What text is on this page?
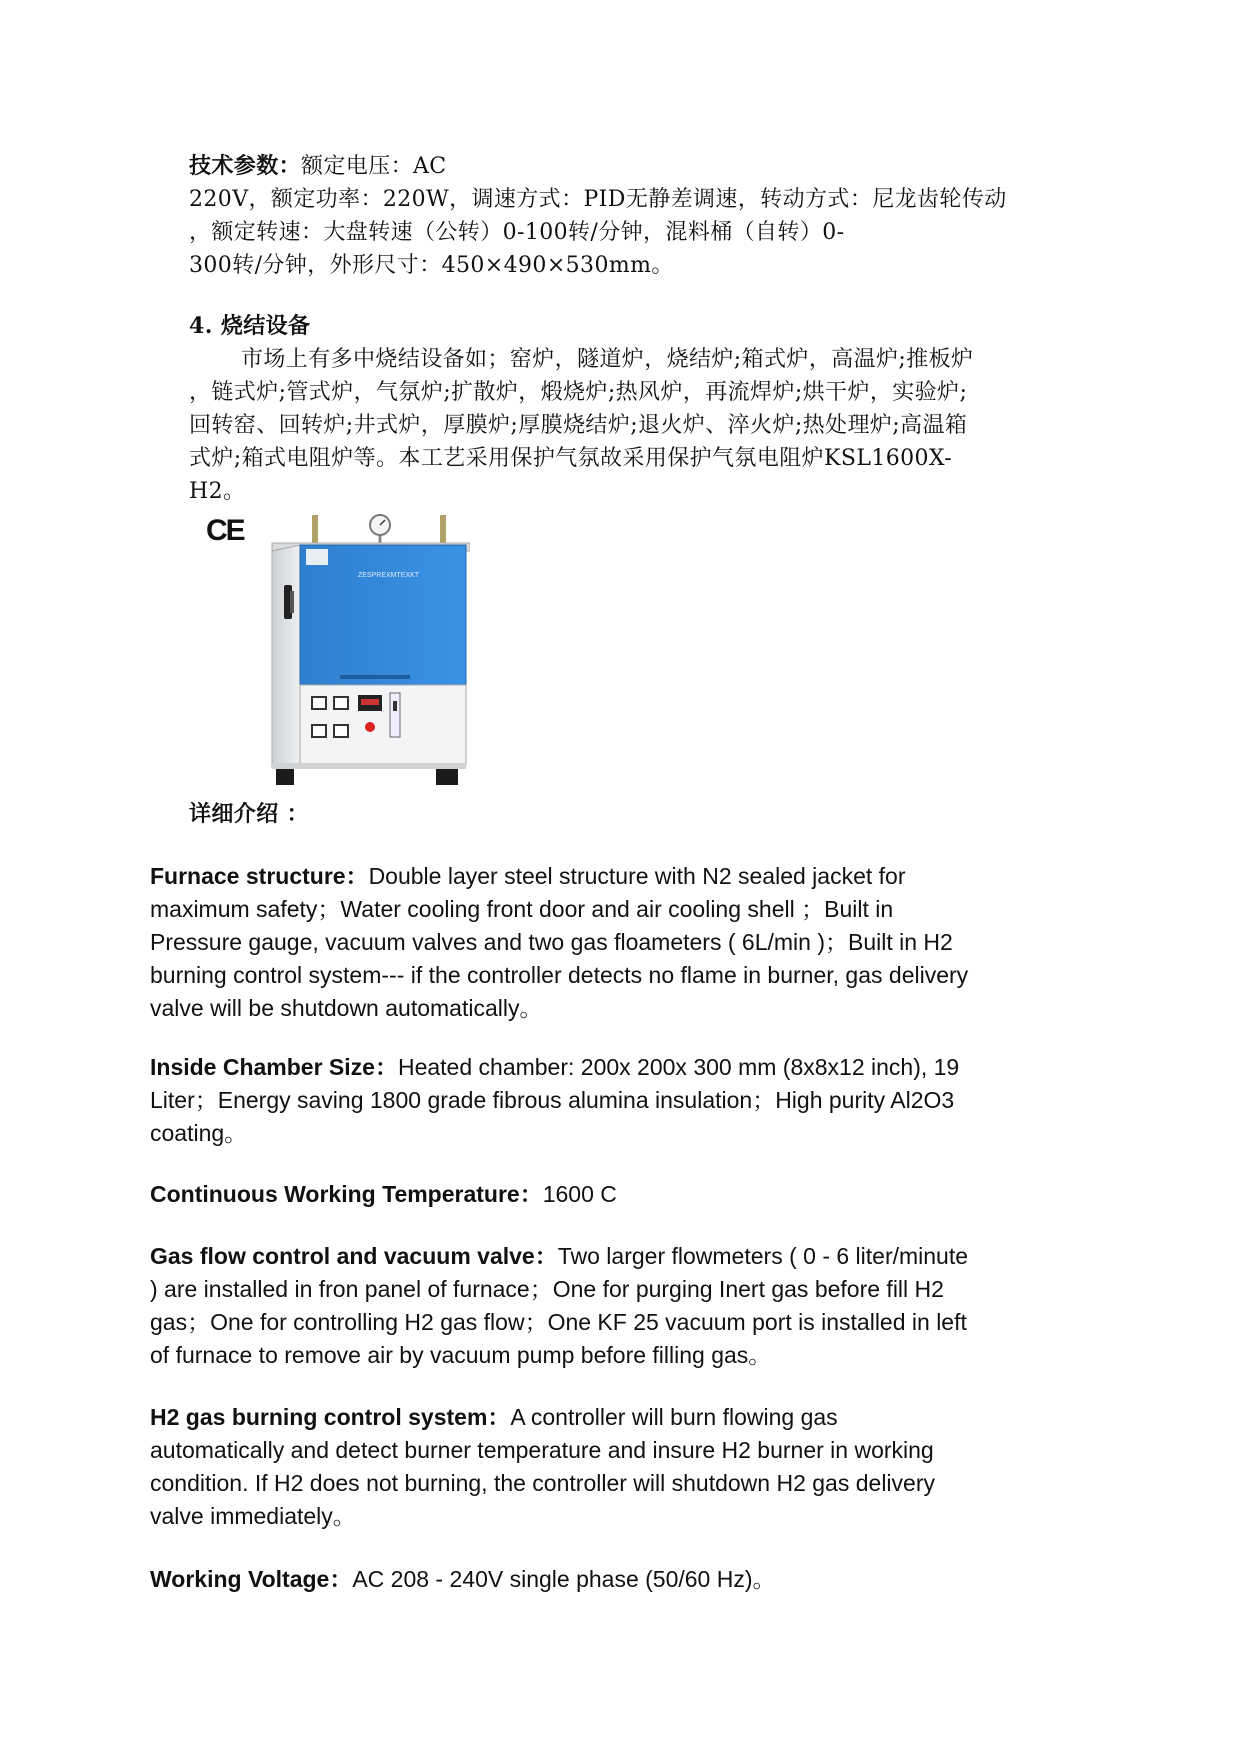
技术参数：额定电压：AC
220V，额定功率：220W，调速方式：PID无静差调速，转动方式：尼龙齿轮传动
，额定转速：大盘转速（公转）0-100转/分钟，混料桶（自转）0-
300转/分钟，外形尺寸：450×490×530mm。
4. 烧结设备
市场上有多中烧结设备如；窑炉，隧道炉，烧结炉;箱式炉，高温炉;推板炉
，链式炉;管式炉，气氛炉;扩散炉，煅烧炉;热风炉，再流焊炉;烘干炉，实验炉;
回转窑、回转炉;井式炉，厚膜炉;厚膜烧结炉;退火炉、淬火炉;热处理炉;高温箱
式炉;箱式电阻炉等。本工艺采用保护气氛故采用保护气氛电阻炉KSL1600X-
H2。
CE
ZESPREXMTEXKT
详细介绍 ：
Furnace structure：Double layer steel structure with N2 sealed jacket for
maximum safety；Water cooling front door and air cooling shell ；Built in
Pressure gauge, vacuum valves and two gas floameters ( 6L/min )；Built in H2
burning control system--- if the controller detects no flame in burner, gas delivery
valve will be shutdown automatically。
Inside Chamber Size：Heated chamber: 200x 200x 300 mm (8x8x12 inch), 19
Liter；Energy saving 1800 grade fibrous alumina insulation；High purity Al2O3
coating。
Continuous Working Temperature：1600 C
Gas flow control and vacuum valve：Two larger flowmeters ( 0 - 6 liter/minute
) are installed in fron panel of furnace；One for purging Inert gas before fill H2
gas；One for controlling H2 gas flow；One KF 25 vacuum port is installed in left
of furnace to remove air by vacuum pump before filling gas。
H2 gas burning control system：A controller will burn flowing gas
automatically and detect burner temperature and insure H2 burner in working
condition. If H2 does not burning, the controller will shutdown H2 gas delivery
valve immediately。
Working Voltage：AC 208 - 240V single phase (50/60 Hz)。
